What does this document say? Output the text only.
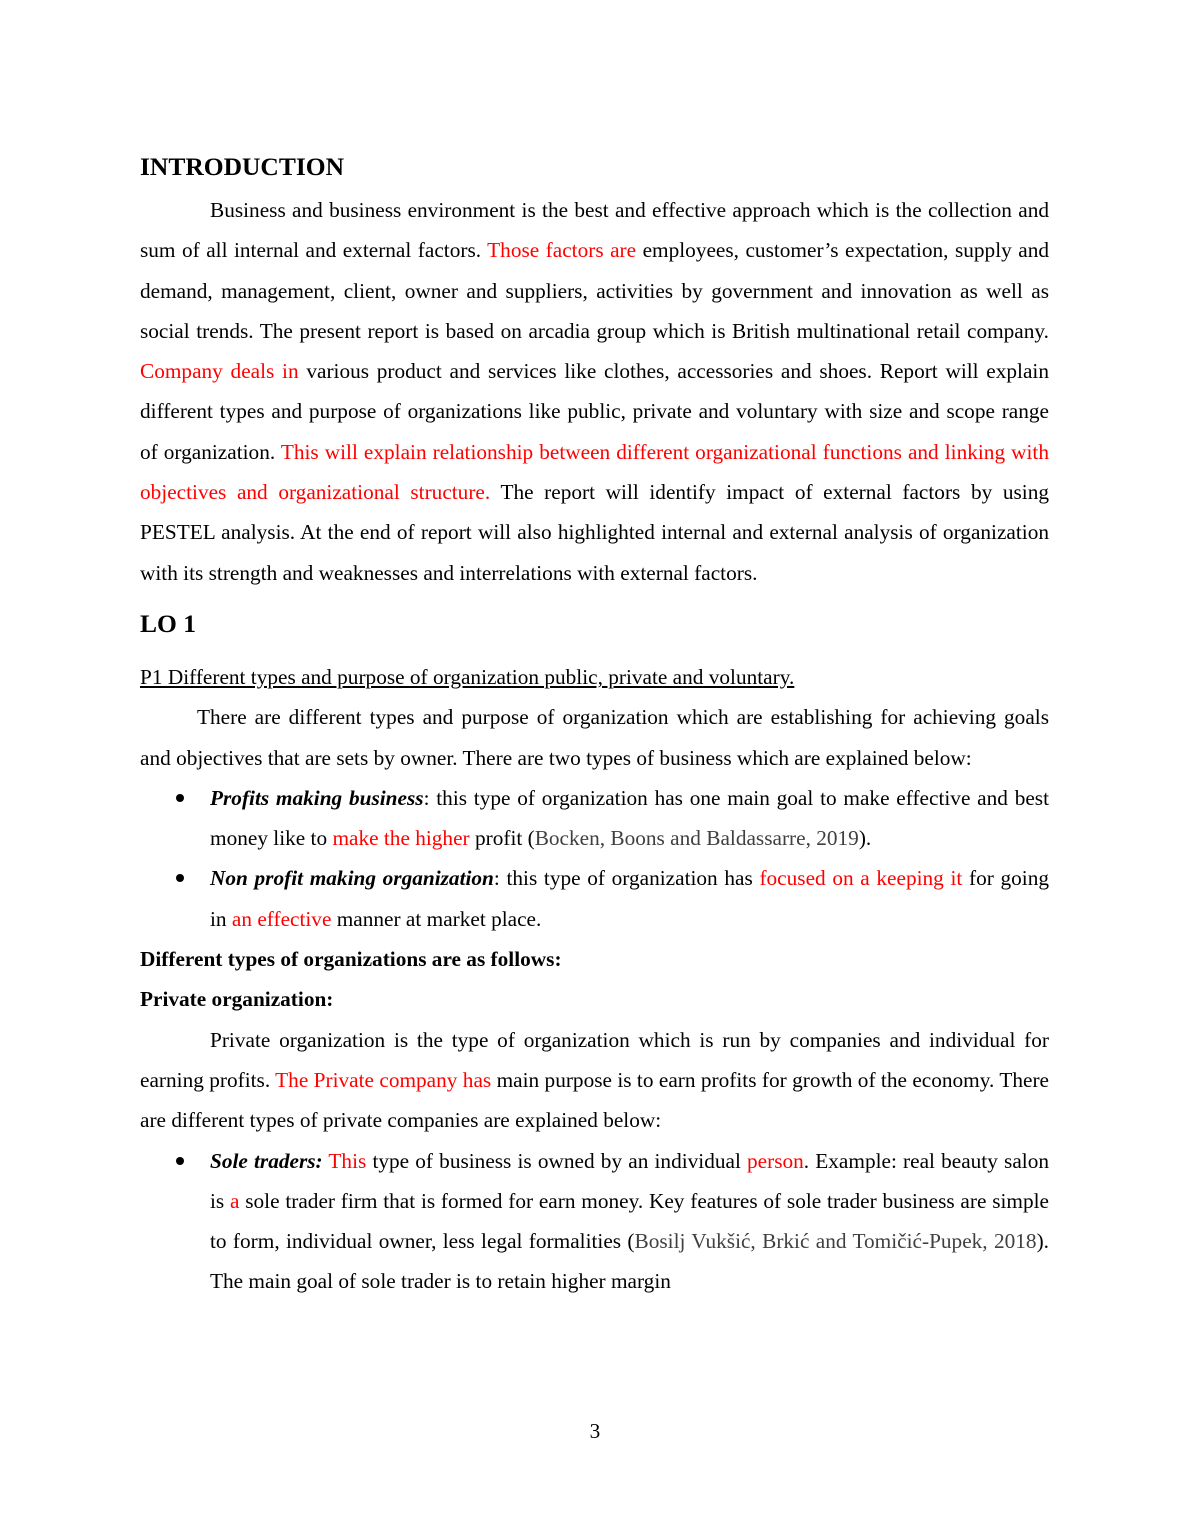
INTRODUCTION

Business and business environment is the best and effective approach which is the collection and sum of all internal and external factors. Those factors are employees, customer’s expectation, supply and demand, management, client, owner and suppliers, activities by government and innovation as well as social trends. The present report is based on arcadia group which is British multinational retail company. Company deals in various product and services like clothes, accessories and shoes. Report will explain different types and purpose of organizations like public, private and voluntary with size and scope range of organization. This will explain relationship between different organizational functions and linking with objectives and organizational structure. The report will identify impact of external factors by using PESTEL analysis. At the end of report will also highlighted internal and external analysis of organization with its strength and weaknesses and interrelations with external factors.

LO 1
P1 Different types and purpose of organization public, private and voluntary.

There are different types and purpose of organization which are establishing for achieving goals and objectives that are sets by owner. There are two types of business which are explained below:

Profits making business: this type of organization has one main goal to make effective and best money like to make the higher profit (Bocken, Boons and Baldassarre, 2019).
Non profit making organization: this type of organization has focused on a keeping it for going in an effective manner at market place.
Different types of organizations are as follows:
Private organization:

Private organization is the type of organization which is run by companies and individual for earning profits. The Private company has main purpose is to earn profits for growth of the economy. There are different types of private companies are explained below:

Sole traders: This type of business is owned by an individual person. Example: real beauty salon is a sole trader firm that is formed for earn money. Key features of sole trader business are simple to form, individual owner, less legal formalities (Bosilj Vukšić, Brkić and Tomičić-Pupek, 2018). The main goal of sole trader is to retain higher margin
3
